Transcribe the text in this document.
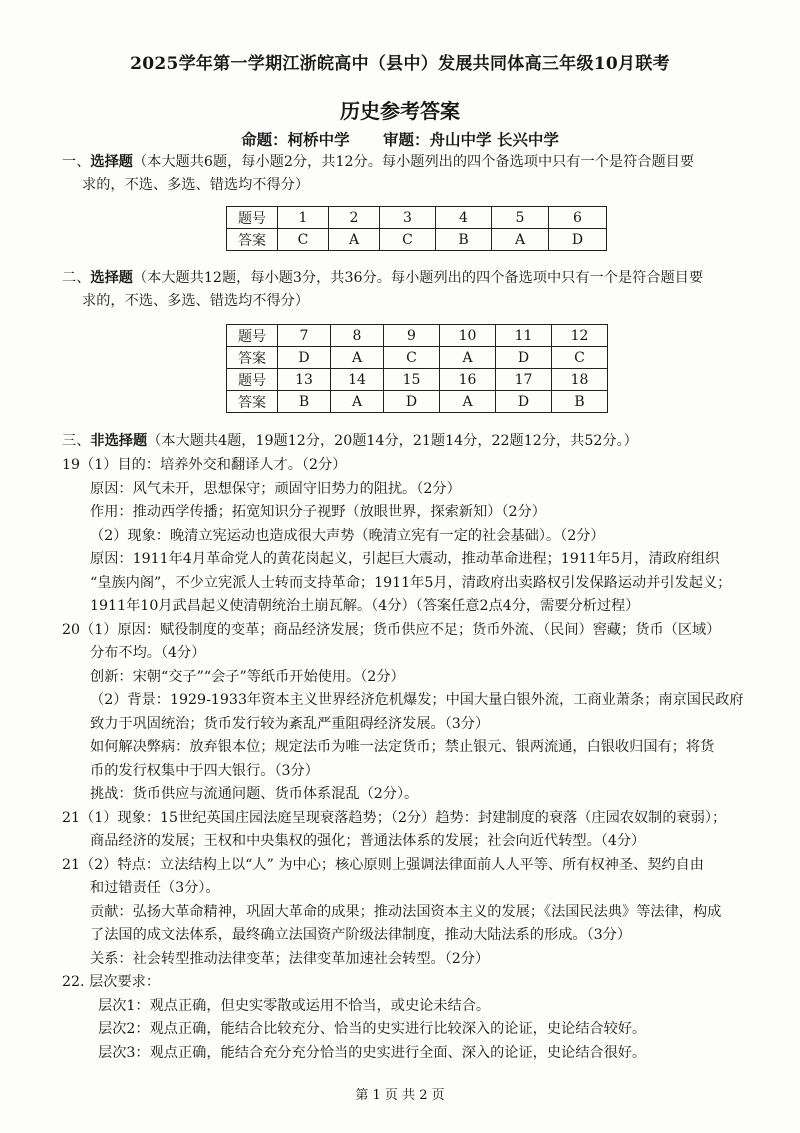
2025学年第一学期江浙皖高中（县中）发展共同体高三年级10月联考
历史参考答案
命题：柯桥中学 审题：舟山中学 长兴中学
一、选择题（本大题共6题，每小题2分，共12分。每小题列出的四个备选项中只有一个是符合题目要
求的，不选、多选、错选均不得分）
题号	1	2	3	4	5	6
答案	C	A	C	B	A	D
二、选择题（本大题共12题，每小题3分，共36分。每小题列出的四个备选项中只有一个是符合题目要
求的，不选、多选、错选均不得分）
题号	7	8	9	10	11	12
答案	D	A	C	A	D	C
题号	13	14	15	16	17	18
答案	B	A	D	A	D	B
三、非选择题（本大题共4题，19题12分，20题14分，21题14分，22题12分，共52分。）
19（1）目的：培养外交和翻译人才。（2分）
原因：风气未开，思想保守；顽固守旧势力的阻扰。（2分）
作用：推动西学传播；拓宽知识分子视野（放眼世界，探索新知）（2分）
（2）现象：晚清立宪运动也造成很大声势（晚清立宪有一定的社会基础）。（2分）
原因：1911年4月革命党人的黄花岗起义，引起巨大震动，推动革命进程；1911年5月，清政府组织
“皇族内阁”，不少立宪派人士转而支持革命；1911年5月，清政府出卖路权引发保路运动并引发起义；
1911年10月武昌起义使清朝统治土崩瓦解。（4分）（答案任意2点4分，需要分析过程）
20（1）原因：赋役制度的变革；商品经济发展；货币供应不足；货币外流、（民间）窖藏；货币（区域）
分布不均。（4分）
创新：宋朝“交子”“会子”等纸币开始使用。（2分）
（2）背景：1929-1933年资本主义世界经济危机爆发；中国大量白银外流，工商业萧条；南京国民政府
致力于巩固统治；货币发行较为紊乱严重阻碍经济发展。（3分）
如何解决弊病：放弃银本位；规定法币为唯一法定货币；禁止银元、银两流通，白银收归国有；将货
币的发行权集中于四大银行。（3分）
挑战：货币供应与流通问题、货币体系混乱（2分）。
21（1）现象：15世纪英国庄园法庭呈现衰落趋势；（2分）趋势：封建制度的衰落（庄园农奴制的衰弱）；
商品经济的发展；王权和中央集权的强化；普通法体系的发展；社会向近代转型。（4分）
21（2）特点：立法结构上以“人” 为中心；核心原则上强调法律面前人人平等、所有权神圣、契约自由
和过错责任（3分）。
贡献：弘扬大革命精神，巩固大革命的成果；推动法国资本主义的发展；《法国民法典》等法律，构成
了法国的成文法体系，最终确立法国资产阶级法律制度，推动大陆法系的形成。（3分）
关系：社会转型推动法律变革；法律变革加速社会转型。（2分）
22. 层次要求：
层次1：观点正确，但史实零散或运用不恰当，或史论未结合。
层次2：观点正确，能结合比较充分、恰当的史实进行比较深入的论证，史论结合较好。
层次3：观点正确，能结合充分充分恰当的史实进行全面、深入的论证，史论结合很好。
第 1 页 共 2 页
